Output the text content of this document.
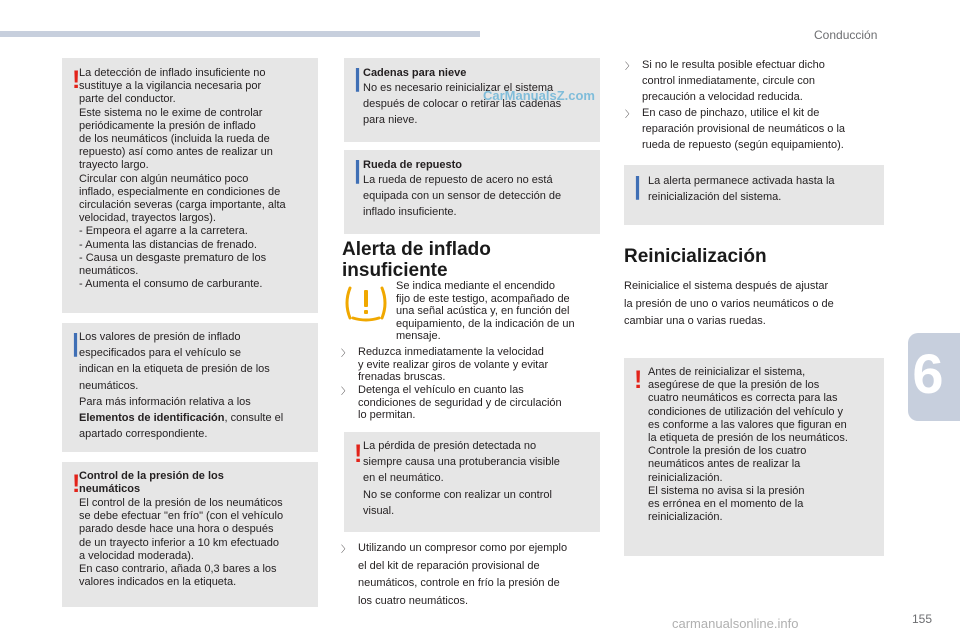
Conducción
!
La detección de inflado insuficiente no
sustituye a la vigilancia necesaria por
parte del conductor.
Este sistema no le exime de controlar
periódicamente la presión de inflado
de los neumáticos (incluida la rueda de
repuesto) así como antes de realizar un
trayecto largo.
Circular con algún neumático poco
inflado, especialmente en condiciones de
circulación severas (carga importante, alta
velocidad, trayectos largos).
- Empeora el agarre a la carretera.
- Aumenta las distancias de frenado.
- Causa un desgaste prematuro de los
neumáticos.
- Aumenta el consumo de carburante.
| Los valores de presión de inflado
especificados para el vehículo se
indican en la etiqueta de presión de los
neumáticos.
Para más información relativa a los
Elementos de identificación, consulte el
apartado correspondiente.
!
Control de la presión de los
neumáticos
El control de la presión de los neumáticos
se debe efectuar "en frío" (con el vehículo
parado desde hace una hora o después
de un trayecto inferior a 10 km efectuado
a velocidad moderada).
En caso contrario, añada 0,3 bares a los
valores indicados en la etiqueta.
| Cadenas para nieve
No es necesario reinicializar el sistema
después de colocar o retirar las cadenas
para nieve.
| Rueda de repuesto
La rueda de repuesto de acero no está
equipada con un sensor de detección de
inflado insuficiente.
Alerta de inflado
insuficiente
Se indica mediante el encendido
fijo de este testigo, acompañado de
una señal acústica y, en función del
equipamiento, de la indicación de un
mensaje.
〉 Reduzca inmediatamente la velocidad
y evite realizar giros de volante y evitar
frenadas bruscas.
〉 Detenga el vehículo en cuanto las
condiciones de seguridad y de circulación
lo permitan.
! La pérdida de presión detectada no
siempre causa una protuberancia visible
en el neumático.
No se conforme con realizar un control
visual.
〉 Utilizando un compresor como por ejemplo
el del kit de reparación provisional de
neumáticos, controle en frío la presión de
los cuatro neumáticos.
〉 Si no le resulta posible efectuar dicho
control inmediatamente, circule con
precaución a velocidad reducida.
〉 En caso de pinchazo, utilice el kit de
reparación provisional de neumáticos o la
rueda de repuesto (según equipamiento).
| La alerta permanece activada hasta la
reinicialización del sistema.
Reinicialización
Reinicialice el sistema después de ajustar
la presión de uno o varios neumáticos o de
cambiar una o varias ruedas.
! Antes de reinicializar el sistema,
asegúrese de que la presión de los
cuatro neumáticos es correcta para las
condiciones de utilización del vehículo y
es conforme a las valores que figuran en
la etiqueta de presión de los neumáticos.
Controle la presión de los cuatro
neumáticos antes de realizar la
reinicialización.
El sistema no avisa si la presión
es errónea en el momento de la
reinicialización.
6
155
CarManualsZ.com
carmanualsonline.info
